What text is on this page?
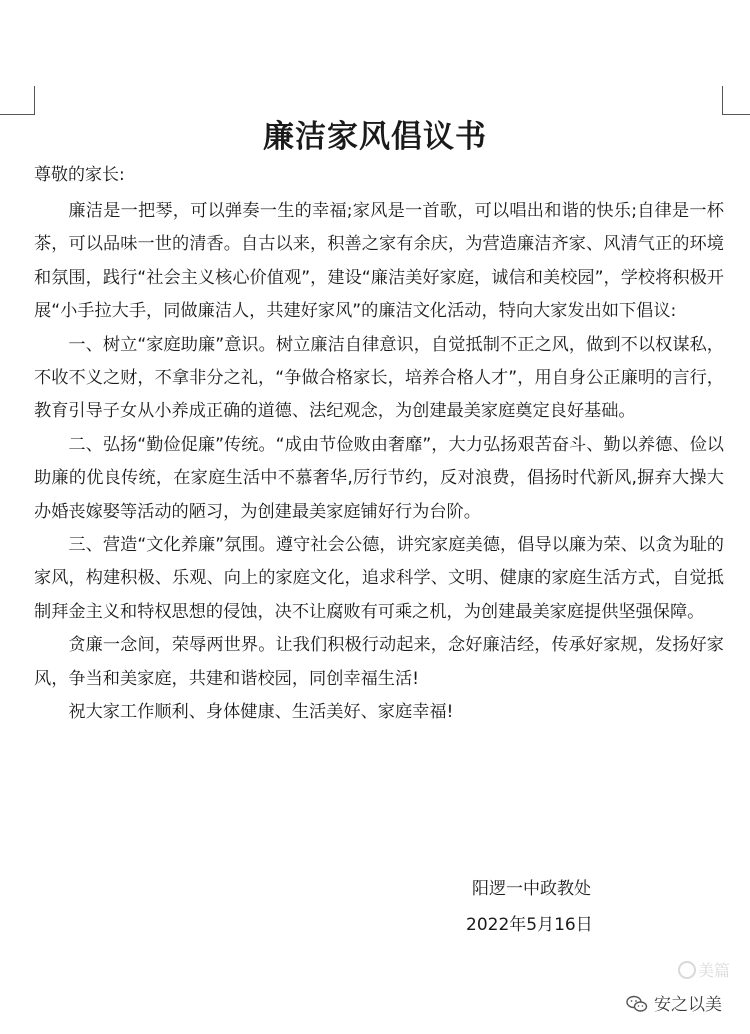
廉洁家风倡议书
尊敬的家长:

廉洁是一把琴，可以弹奏一生的幸福;家风是一首歌，可以唱出和谐的快乐;自律是一杯茶，可以品味一世的清香。自古以来，积善之家有余庆，为营造廉洁齐家、风清气正的环境和氛围，践行“社会主义核心价值观”，建设“廉洁美好家庭，诚信和美校园”，学校将积极开展“小手拉大手，同做廉洁人，共建好家风”的廉洁文化活动，特向大家发出如下倡议:

一、树立“家庭助廉”意识。树立廉洁自律意识，自觉抵制不正之风，做到不以权谋私，不收不义之财，不拿非分之礼，“争做合格家长，培养合格人才”，用自身公正廉明的言行，教育引导子女从小养成正确的道德、法纪观念，为创建最美家庭奠定良好基础。

二、弘扬“勤俭促廉”传统。“成由节俭败由奢靡”，大力弘扬艰苦奋斗、勤以养德、俭以助廉的优良传统，在家庭生活中不慕奢华,厉行节约，反对浪费，倡扬时代新风,摒弃大操大办婚丧嫁娶等活动的陋习，为创建最美家庭铺好行为台阶。

三、营造“文化养廉”氛围。遵守社会公德，讲究家庭美德，倡导以廉为荣、以贪为耻的家风，构建积极、乐观、向上的家庭文化，追求科学、文明、健康的家庭生活方式，自觉抵制拜金主义和特权思想的侵蚀，决不让腐败有可乘之机，为创建最美家庭提供坚强保障。

贪廉一念间，荣辱两世界。让我们积极行动起来，念好廉洁经，传承好家规，发扬好家风，争当和美家庭，共建和谐校园，同创幸福生活!

祝大家工作顺利、身体健康、生活美好、家庭幸福!

阳逻一中政教处
2022年5月16日
美篇
安之以美
